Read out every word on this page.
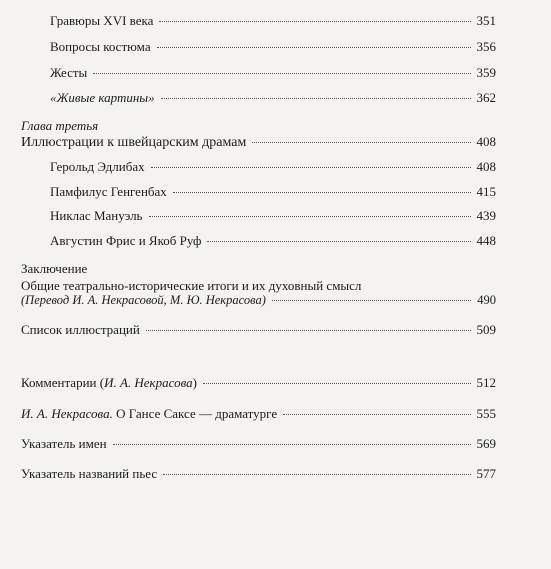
Гравюры XVI века	351
Вопросы костюма	356
Жесты	359
«Живые картины»	362
Глава третья
Иллюстрации к швейцарским драмам	408
Герольд Эдлибах	408
Памфилус Генгенбах	415
Никлас Мануэль	439
Августин Фрис и Якоб Руф	448
Заключение
Общие театрально-исторические итоги и их духовный смысл
(Перевод И. А. Некрасовой, М. Ю. Некрасова)	490
Список иллюстраций	509
Комментарии (И. А. Некрасова)	512
И. А. Некрасова. О Гансе Саксе — драматурге	555
Указатель имен	569
Указатель названий пьес	577
